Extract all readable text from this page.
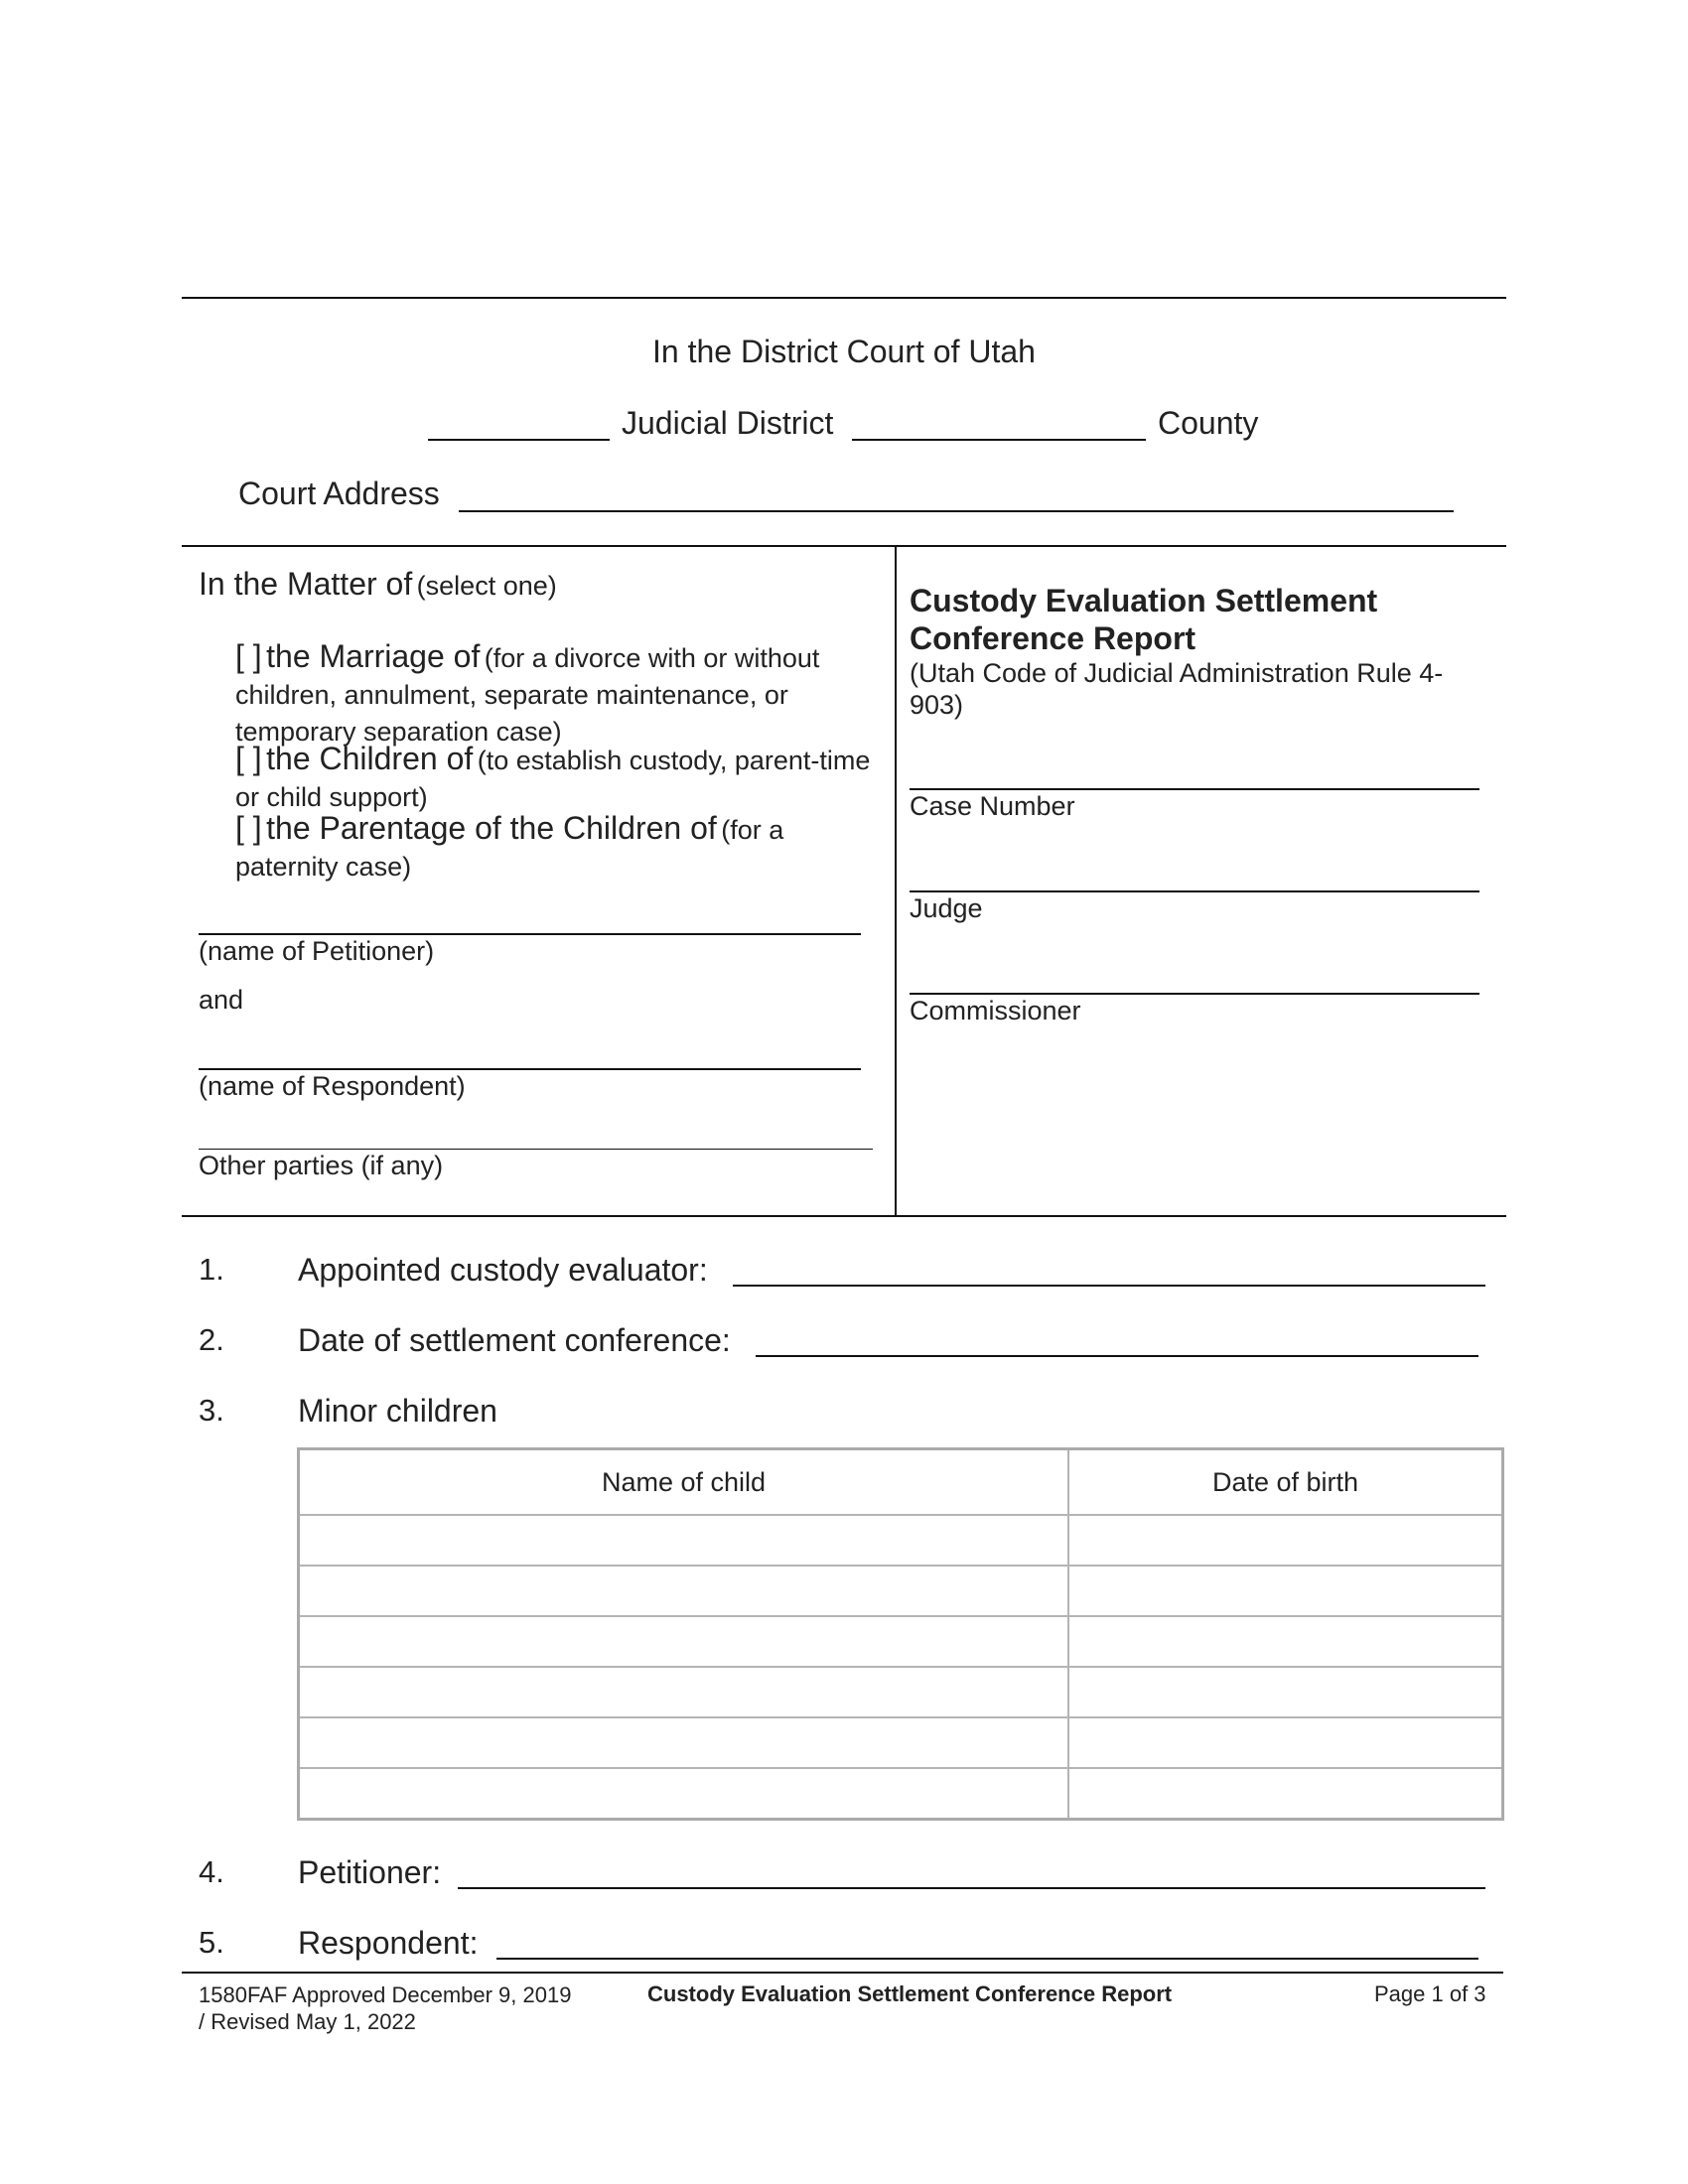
In the District Court of Utah
Judicial District	County
Court Address
In the Matter of (select one)
[ ] the Marriage of (for a divorce with or without children, annulment, separate maintenance, or temporary separation case)
[ ] the Children of (to establish custody, parent-time or child support)
[ ] the Parentage of the Children of (for a paternity case)
(name of Petitioner)
and
(name of Respondent)
Other parties (if any)
Custody Evaluation Settlement
Conference Report
(Utah Code of Judicial Administration Rule 4-903)
Case Number
Judge
Commissioner
1. Appointed custody evaluator:
2. Date of settlement conference:
3. Minor children
Name of child	Date of birth

4. Petitioner:
5. Respondent:
1580FAF Approved December 9, 2019
/ Revised May 1, 2022
Custody Evaluation Settlement Conference Report	Page 1 of 3
